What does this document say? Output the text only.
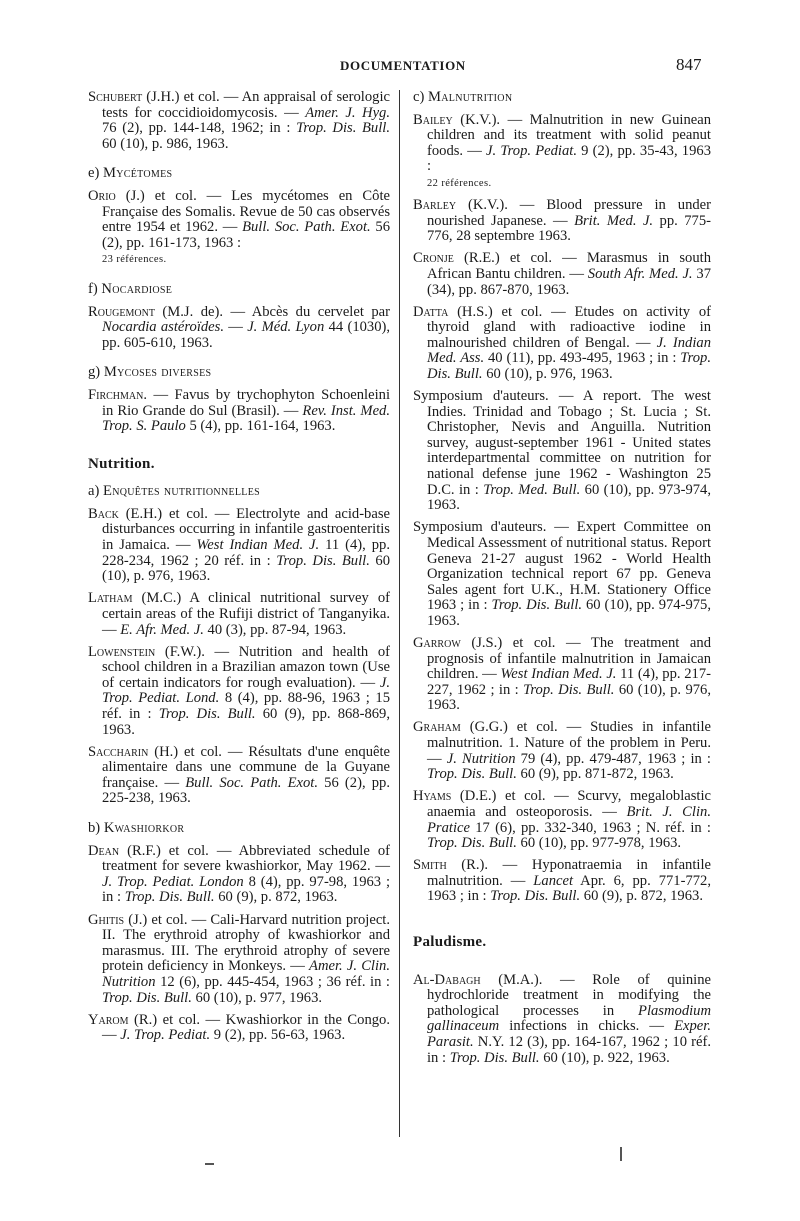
DOCUMENTATION	847

Schubert (J.H.) et col. — An appraisal of serologic tests for coccidioidomycosis. — Amer. J. Hyg. 76 (2), pp. 144-148, 1962; in : Trop. Dis. Bull. 60 (10), p. 986, 1963.

e) Mycétomes

Orio (J.) et col. — Les mycétomes en Côte Française des Somalis. Revue de 50 cas observés entre 1954 et 1962. — Bull. Soc. Path. Exot. 56 (2), pp. 161-173, 1963 :
23 références.

f) Nocardiose

Rougemont (M.J. de). — Abcès du cervelet par Nocardia astéroïdes. — J. Méd. Lyon 44 (1030), pp. 605-610, 1963.

g) Mycoses diverses

Firchman. — Favus by trychophyton Schoenleini in Rio Grande do Sul (Brasil). — Rev. Inst. Med. Trop. S. Paulo 5 (4), pp. 161-164, 1963.

Nutrition.
a) Enquêtes nutritionnelles

Back (E.H.) et col. — Electrolyte and acid-base disturbances occurring in infantile gastroenteritis in Jamaica. — West Indian Med. J. 11 (4), pp. 228-234, 1962 ; 20 réf. in : Trop. Dis. Bull. 60 (10), p. 976, 1963.

Latham (M.C.) A clinical nutritional survey of certain areas of the Rufiji district of Tanganyika. — E. Afr. Med. J. 40 (3), pp. 87-94, 1963.

Lowenstein (F.W.). — Nutrition and health of school children in a Brazilian amazon town (Use of certain indicators for rough evaluation). — J. Trop. Pediat. Lond. 8 (4), pp. 88-96, 1963 ; 15 réf. in : Trop. Dis. Bull. 60 (9), pp. 868-869, 1963.

Saccharin (H.) et col. — Résultats d'une enquête alimentaire dans une commune de la Guyane française. — Bull. Soc. Path. Exot. 56 (2), pp. 225-238, 1963.

b) Kwashiorkor

Dean (R.F.) et col. — Abbreviated schedule of treatment for severe kwashiorkor, May 1962. — J. Trop. Pediat. London 8 (4), pp. 97-98, 1963 ; in : Trop. Dis. Bull. 60 (9), p. 872, 1963.

Ghitis (J.) et col. — Cali-Harvard nutrition project. II. The erythroid atrophy of kwashiorkor and marasmus. III. The erythroid atrophy of severe protein deficiency in Monkeys. — Amer. J. Clin. Nutrition 12 (6), pp. 445-454, 1963 ; 36 réf. in : Trop. Dis. Bull. 60 (10), p. 977, 1963.

Yarom (R.) et col. — Kwashiorkor in the Congo. — J. Trop. Pediat. 9 (2), pp. 56-63, 1963.

c) Malnutrition

Bailey (K.V.). — Malnutrition in new Guinean children and its treatment with solid peanut foods. — J. Trop. Pediat. 9 (2), pp. 35-43, 1963 :
22 références.

Barley (K.V.). — Blood pressure in under nourished Japanese. — Brit. Med. J. pp. 775-776, 28 septembre 1963.

Cronje (R.E.) et col. — Marasmus in south African Bantu children. — South Afr. Med. J. 37 (34), pp. 867-870, 1963.

Datta (H.S.) et col. — Etudes on activity of thyroid gland with radioactive iodine in malnourished children of Bengal. — J. Indian Med. Ass. 40 (11), pp. 493-495, 1963 ; in : Trop. Dis. Bull. 60 (10), p. 976, 1963.

Symposium d'auteurs. — A report. The west Indies. Trinidad and Tobago ; St. Lucia ; St. Christopher, Nevis and Anguilla. Nutrition survey, august-september 1961 - United states interdepartmental committee on nutrition for national defense june 1962 - Washington 25 D.C. in : Trop. Med. Bull. 60 (10), pp. 973-974, 1963.

Symposium d'auteurs. — Expert Committee on Medical Assessment of nutritional status. Report Geneva 21-27 august 1962 - World Health Organization technical report 67 pp. Geneva Sales agent fort U.K., H.M. Stationery Office 1963 ; in : Trop. Dis. Bull. 60 (10), pp. 974-975, 1963.

Garrow (J.S.) et col. — The treatment and prognosis of infantile malnutrition in Jamaican children. — West Indian Med. J. 11 (4), pp. 217-227, 1962 ; in : Trop. Dis. Bull. 60 (10), p. 976, 1963.

Graham (G.G.) et col. — Studies in infantile malnutrition. 1. Nature of the problem in Peru. — J. Nutrition 79 (4), pp. 479-487, 1963 ; in : Trop. Dis. Bull. 60 (9), pp. 871-872, 1963.

Hyams (D.E.) et col. — Scurvy, megaloblastic anaemia and osteoporosis. — Brit. J. Clin. Pratice 17 (6), pp. 332-340, 1963 ; N. réf. in : Trop. Dis. Bull. 60 (10), pp. 977-978, 1963.

Smith (R.). — Hyponatraemia in infantile malnutrition. — Lancet Apr. 6, pp. 771-772, 1963 ; in : Trop. Dis. Bull. 60 (9), p. 872, 1963.

Paludisme.

Al-Dabagh (M.A.). — Role of quinine hydrochloride treatment in modifying the pathological processes in Plasmodium gallinaceum infections in chicks. — Exper. Parasit. N.Y. 12 (3), pp. 164-167, 1962 ; 10 réf. in : Trop. Dis. Bull. 60 (10), p. 922, 1963.
